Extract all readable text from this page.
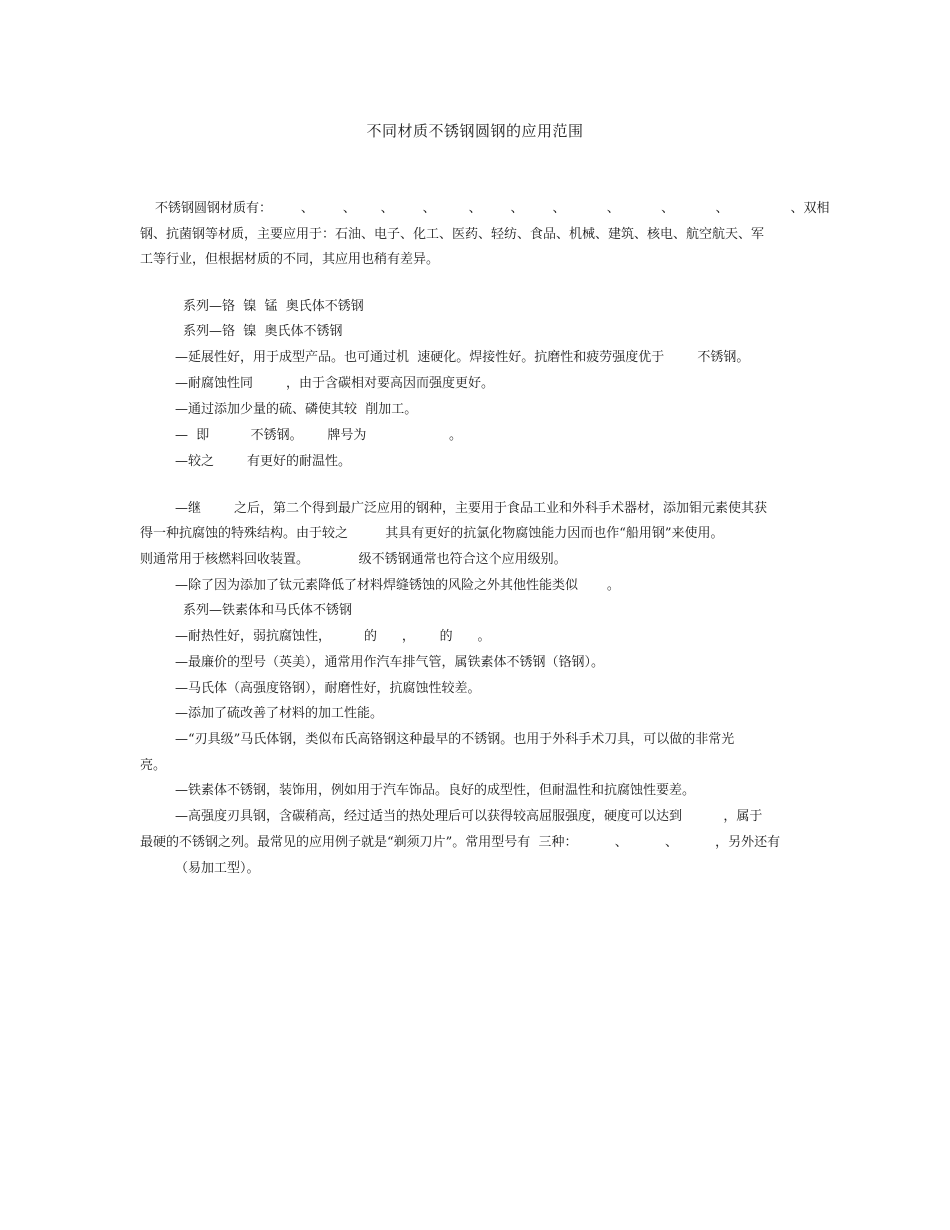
不同材质不锈钢圆钢的应用范围
不锈钢圆钢材质有：       、       、      、       、        、       、       、          、          、          、               、双相
钢、抗菌钢等材质，主要应用于：石油、电子、化工、医药、轻纺、食品、机械、建筑、核电、航空航天、军
工等行业，但根据材质的不同，其应用也稍有差异。
系列—铬  镍  锰  奥氏体不锈钢
系列—铬  镍  奥氏体不锈钢
—延展性好，用于成型产品。也可通过机  速硬化。焊接性好。抗磨性和疲劳强度优于        不锈钢。
—耐腐蚀性同        ，由于含碳相对要高因而强度更好。
—通过添加少量的硫、磷使其较  削加工。
—  即          不锈钢。      牌号为                    。
—较之        有更好的耐温性。
—继        之后，第二个得到最广泛应用的钢种，主要用于食品工业和外科手术器材，添加钼元素使其获
得一种抗腐蚀的特殊结构。由于较之         其具有更好的抗氯化物腐蚀能力因而也作“船用钢”来使用。
则通常用于核燃料回收装置。            级不锈钢通常也符合这个应用级别。
—除了因为添加了钛元素降低了材料焊缝锈蚀的风险之外其他性能类似       。
系列—铁素体和马氏体不锈钢
—耐热性好，弱抗腐蚀性，        的      ，      的      。
—最廉价的型号（英美），通常用作汽车排气管，属铁素体不锈钢（铬钢）。
—马氏体（高强度铬钢），耐磨性好，抗腐蚀性较差。
—添加了硫改善了材料的加工性能。
—“刃具级”马氏体钢，类似布氏高铬钢这种最早的不锈钢。也用于外科手术刀具，可以做的非常光
亮。
—铁素体不锈钢，装饰用，例如用于汽车饰品。良好的成型性，但耐温性和抗腐蚀性要差。
—高强度刃具钢，含碳稍高，经过适当的热处理后可以获得较高屈服强度，硬度可以达到          ，属于
最硬的不锈钢之列。最常见的应用例子就是“剃须刀片”。常用型号有  三种：         、         、         ，另外还有
（易加工型）。
